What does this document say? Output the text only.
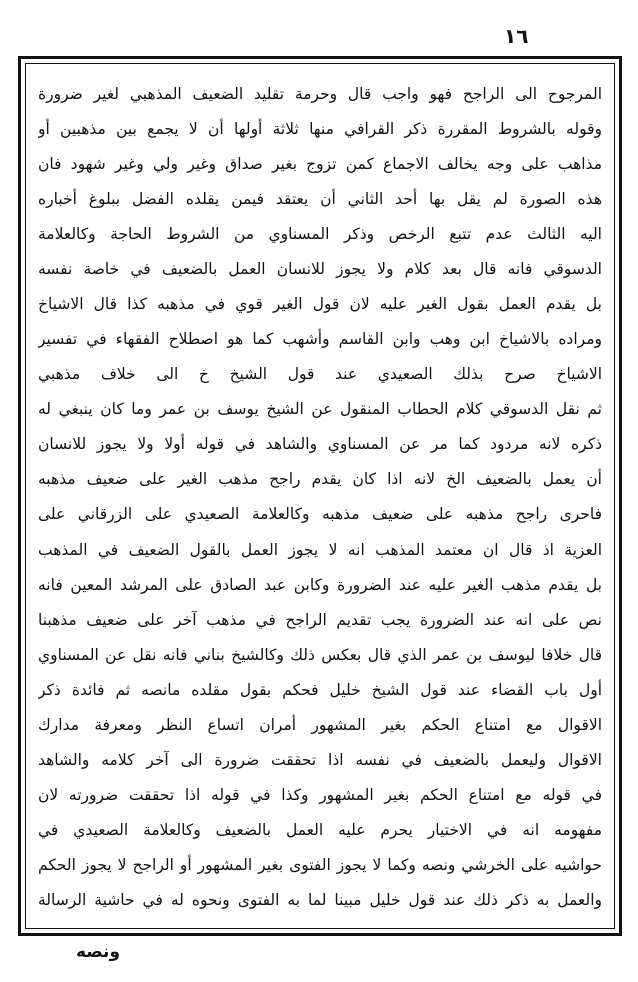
١٦
المرجوح الى الراجح فهو واجب قال وحرمة تقليد الضعيف المذهبي لغير ضرورة
وقوله بالشروط المقررة ذكر القرافي منها ثلاثة أولها أن لا يجمع بين مذهبين أو
مذاهب على وجه يخالف الاجماع كمن تزوج بغير صداق وغير ولي وغير شهود فان
هذه الصورة لم يقل بها أحد الثاني أن يعتقد فيمن يقلده الفضل ببلوغ أخباره
اليه الثالث عدم تتبع الرخص وذكر المسناوي من الشروط الحاجة وكالعلامة
الدسوقي فانه قال بعد كلام ولا يجوز للانسان العمل بالضعيف في خاصة نفسه
بل يقدم العمل بقول الغير عليه لان قول الغير قوي في مذهبه كذا قال الاشياخ
ومراده بالاشياخ ابن وهب وابن القاسم وأشهب كما هو اصطلاح الفقهاء في تفسير
الاشياخ صرح بذلك الصعيدي عند قول الشيخ خ الى خلاف مذهبي
ثم نقل الدسوقي كلام الحطاب المنقول عن الشيخ يوسف بن عمر وما كان ينبغي له
ذكره لانه مردود كما مر عن المسناوي والشاهد في قوله أولا ولا يجوز للانسان
أن يعمل بالضعيف الخ لانه اذا كان يقدم راجح مذهب الغير على ضعيف مذهبه
فاحرى راجح مذهبه على ضعيف مذهبه وكالعلامة الصعيدي على الزرقاني على
العزية اذ قال ان معتمد المذهب انه لا يجوز العمل بالقول الضعيف في المذهب
بل يقدم مذهب الغير عليه عند الضرورة وكابن عبد الصادق على المرشد المعين فانه
نص على انه عند الضرورة يجب تقديم الراجح في مذهب آخر على ضعيف مذهبنا
قال خلافا ليوسف بن عمر الذي قال بعكس ذلك وكالشيخ بناني فانه نقل عن المسناوي
أول باب القضاء عند قول الشيخ خليل فحكم بقول مقلده مانصه ثم فائدة ذكر
الاقوال مع امتناع الحكم بغير المشهور أمران اتساع النظر ومعرفة مدارك
الاقوال وليعمل بالضعيف في نفسه اذا تحققت ضرورة الى آخر كلامه والشاهد
في قوله مع امتناع الحكم بغير المشهور وكذا في قوله اذا تحققت ضرورته لان
مفهومه انه في الاختيار يحرم عليه العمل بالضعيف وكالعلامة الصعيدي في
حواشيه على الخرشي ونصه وكما لا يجوز الفتوى بغير المشهور أو الراجح لا يجوز الحكم
والعمل به ذكر ذلك عند قول خليل مبينا لما به الفتوى ونحوه له في حاشية الرسالة
ونصه
